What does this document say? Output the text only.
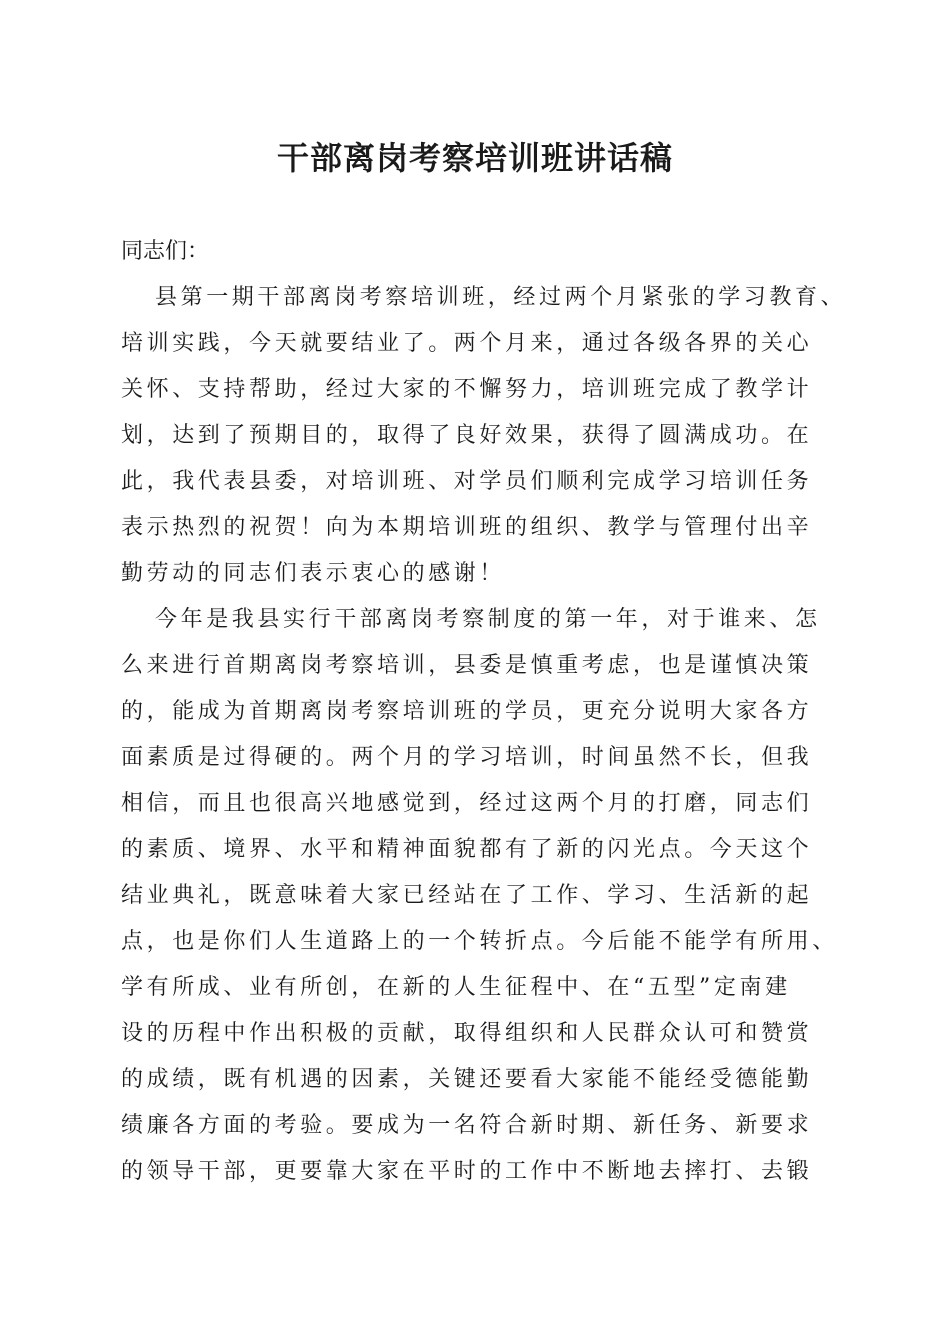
干部离岗考察培训班讲话稿
同志们：
县第一期干部离岗考察培训班，经过两个月紧张的学习教育、
培训实践，今天就要结业了。两个月来，通过各级各界的关心
关怀、支持帮助，经过大家的不懈努力，培训班完成了教学计
划，达到了预期目的，取得了良好效果，获得了圆满成功。在
此，我代表县委，对培训班、对学员们顺利完成学习培训任务
表示热烈的祝贺！向为本期培训班的组织、教学与管理付出辛
勤劳动的同志们表示衷心的感谢！
今年是我县实行干部离岗考察制度的第一年，对于谁来、怎
么来进行首期离岗考察培训，县委是慎重考虑，也是谨慎决策
的，能成为首期离岗考察培训班的学员，更充分说明大家各方
面素质是过得硬的。两个月的学习培训，时间虽然不长，但我
相信，而且也很高兴地感觉到，经过这两个月的打磨，同志们
的素质、境界、水平和精神面貌都有了新的闪光点。今天这个
结业典礼，既意味着大家已经站在了工作、学习、生活新的起
点，也是你们人生道路上的一个转折点。今后能不能学有所用、
学有所成、业有所创，在新的人生征程中、在“五型”定南建
设的历程中作出积极的贡献，取得组织和人民群众认可和赞赏
的成绩，既有机遇的因素，关键还要看大家能不能经受德能勤
绩廉各方面的考验。要成为一名符合新时期、新任务、新要求
的领导干部，更要靠大家在平时的工作中不断地去摔打、去锻
